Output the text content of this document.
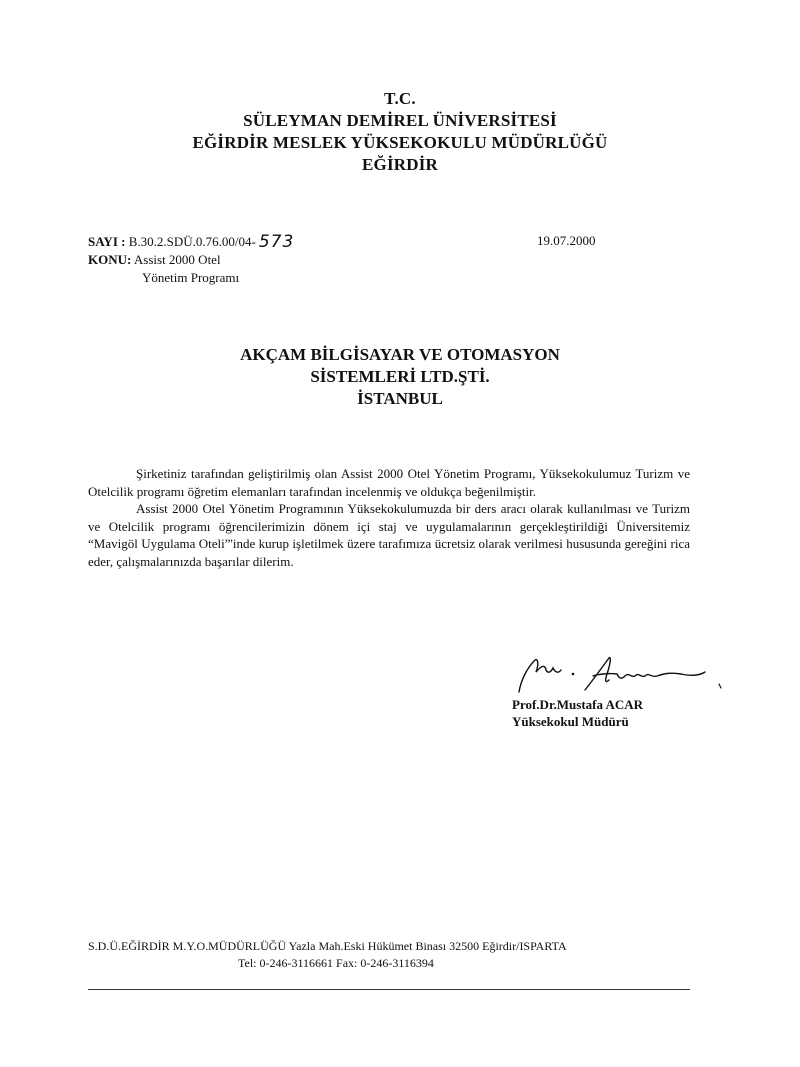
T.C.
SÜLEYMAN DEMİREL ÜNİVERSİTESİ
EĞİRDİR MESLEK YÜKSEKOKULU MÜDÜRLÜĞÜ
EĞİRDİR
SAYI : B.30.2.SDÜ.0.76.00/04- 573
KONU: Assist 2000 Otel
Yönetim Programı
19.07.2000
AKÇAM BİLGİSAYAR VE OTOMASYON
SİSTEMLERİ LTD.ŞTİ.
İSTANBUL

Şirketiniz tarafından geliştirilmiş olan Assist 2000 Otel Yönetim Programı, Yüksekokulumuz Turizm ve Otelcilik programı öğretim elemanları tarafından incelenmiş ve oldukça beğenilmiştir.

Assist 2000 Otel Yönetim Programının Yüksekokulumuzda bir ders aracı olarak kullanılması ve Turizm ve Otelcilik programı öğrencilerimizin dönem içi staj ve uygulamalarının gerçekleştirildiği Üniversitemiz “Mavigöl Uygulama Oteli”'inde kurup işletilmek üzere tarafımıza ücretsiz olarak verilmesi hususunda gereğini rica eder, çalışmalarınızda başarılar dilerim.

Prof.Dr.Mustafa ACAR
Yüksekokul Müdürü
S.D.Ü.EĞİRDİR M.Y.O.MÜDÜRLÜĞÜ Yazla Mah.Eski Hükümet Binası 32500 Eğirdir/ISPARTA
Tel: 0-246-3116661 Fax: 0-246-3116394
